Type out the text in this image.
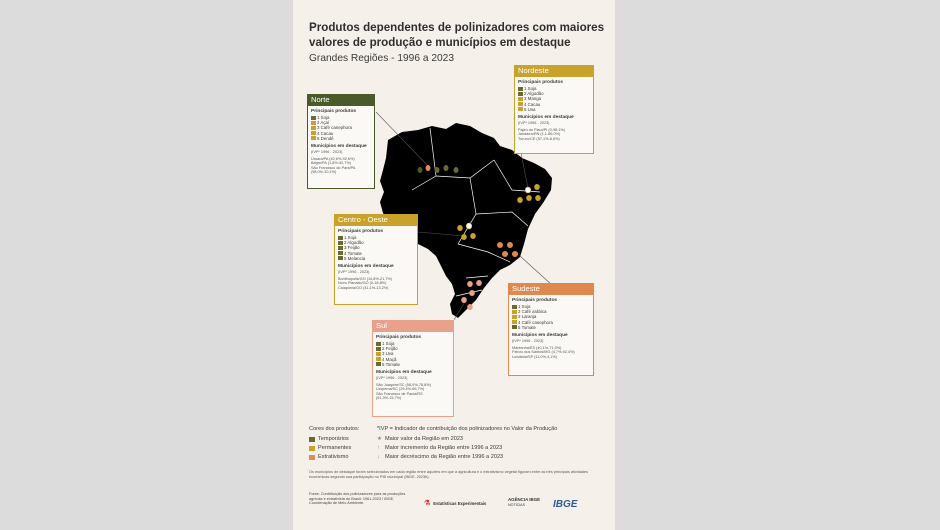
Produtos dependentes de polinizadores com maiores valores de produção e municípios em destaque
Grandes Regiões - 1996 a 2023
Norte
Principais produtos
1 Soja
2 Açaí
3 Café canephora
4 Cacau
5 Dendê
Municípios em destaque
(IVP* 1996 - 2023)
Uruará/PA (42,6%-92,6%)
Bagre/PA (1,8%-92,7%)
São Francisco do Pará/PA
(98,0%-10,1%)
Nordeste
Principais produtos
1 Soja
2 Algodão
3 Manga
4 Cacau
5 Uva
Municípios em destaque
(IVP* 1996 - 2023)
Pajeú do Piauí/PI (0-98,1%)
Jandaíra/RN (1,1-86,0%)
Tururu/CE (57,1%-8,5%)
Centro - Oeste
Principais produtos
1 Soja
2 Algodão
3 Feijão
4 Tomate
5 Melancia
Municípios em destaque
(IVP* 1996 - 2023)
Bonfinópolis/GO (10,8%-21,7%)
Novo Planalto/GO (0-18,8%)
Caiapônia/GO (41,1%-13,2%)	Sudeste
Principais produtos
1 Soja
2 Café arábica
3 Laranja
4 Café canephora
5 Tomate
Municípios em destaque
(IVP* 1996 - 2023)
Mantenha/ES (40,1%-71,0%)
Felício dos Santos/MG (4,7%-92,4%)
Luisiânia/SP (11,0%-4,1%)
Sul
Principais produtos
1 Soja
2 Feijão
3 Uva
4 Maçã
5 Tomate
Municípios em destaque
(IVP* 1996 - 2023)
São Joaquim/SC (58,0%-78,8%)
Urupema/SC (29,4%-66,7%)
São Francisco de Paula/RS
(51,3%-15,7%)
Cores dos produtos:
Temporários
Permanentes
Extrativismo
*IVP = Indicador de contribuição dos polinizadores no Valor da Produção
★ Maior valor da Região em 2023
↑ Maior incremento da Região entre 1996 a 2023
↓ Maior decréscimo da Região entre 1996 a 2023
Os municípios de destaque foram selecionados em cada região entre aqueles em que a agricultura e o extrativismo vegetal figuram entre as três principais atividades econômicas segundo sua participação no PIB municipal (IBGE, 2023b).
Fonte: Contribuição dos polinizadores para as produções agrícola e extrativista do Brasil: 1961-2023 / IBGE, Coordenação de Meio Ambiente.	⚗ Estatísticas Experimentais
AGÊNCIA IBGE
NOTÍCIAS	IBGE
